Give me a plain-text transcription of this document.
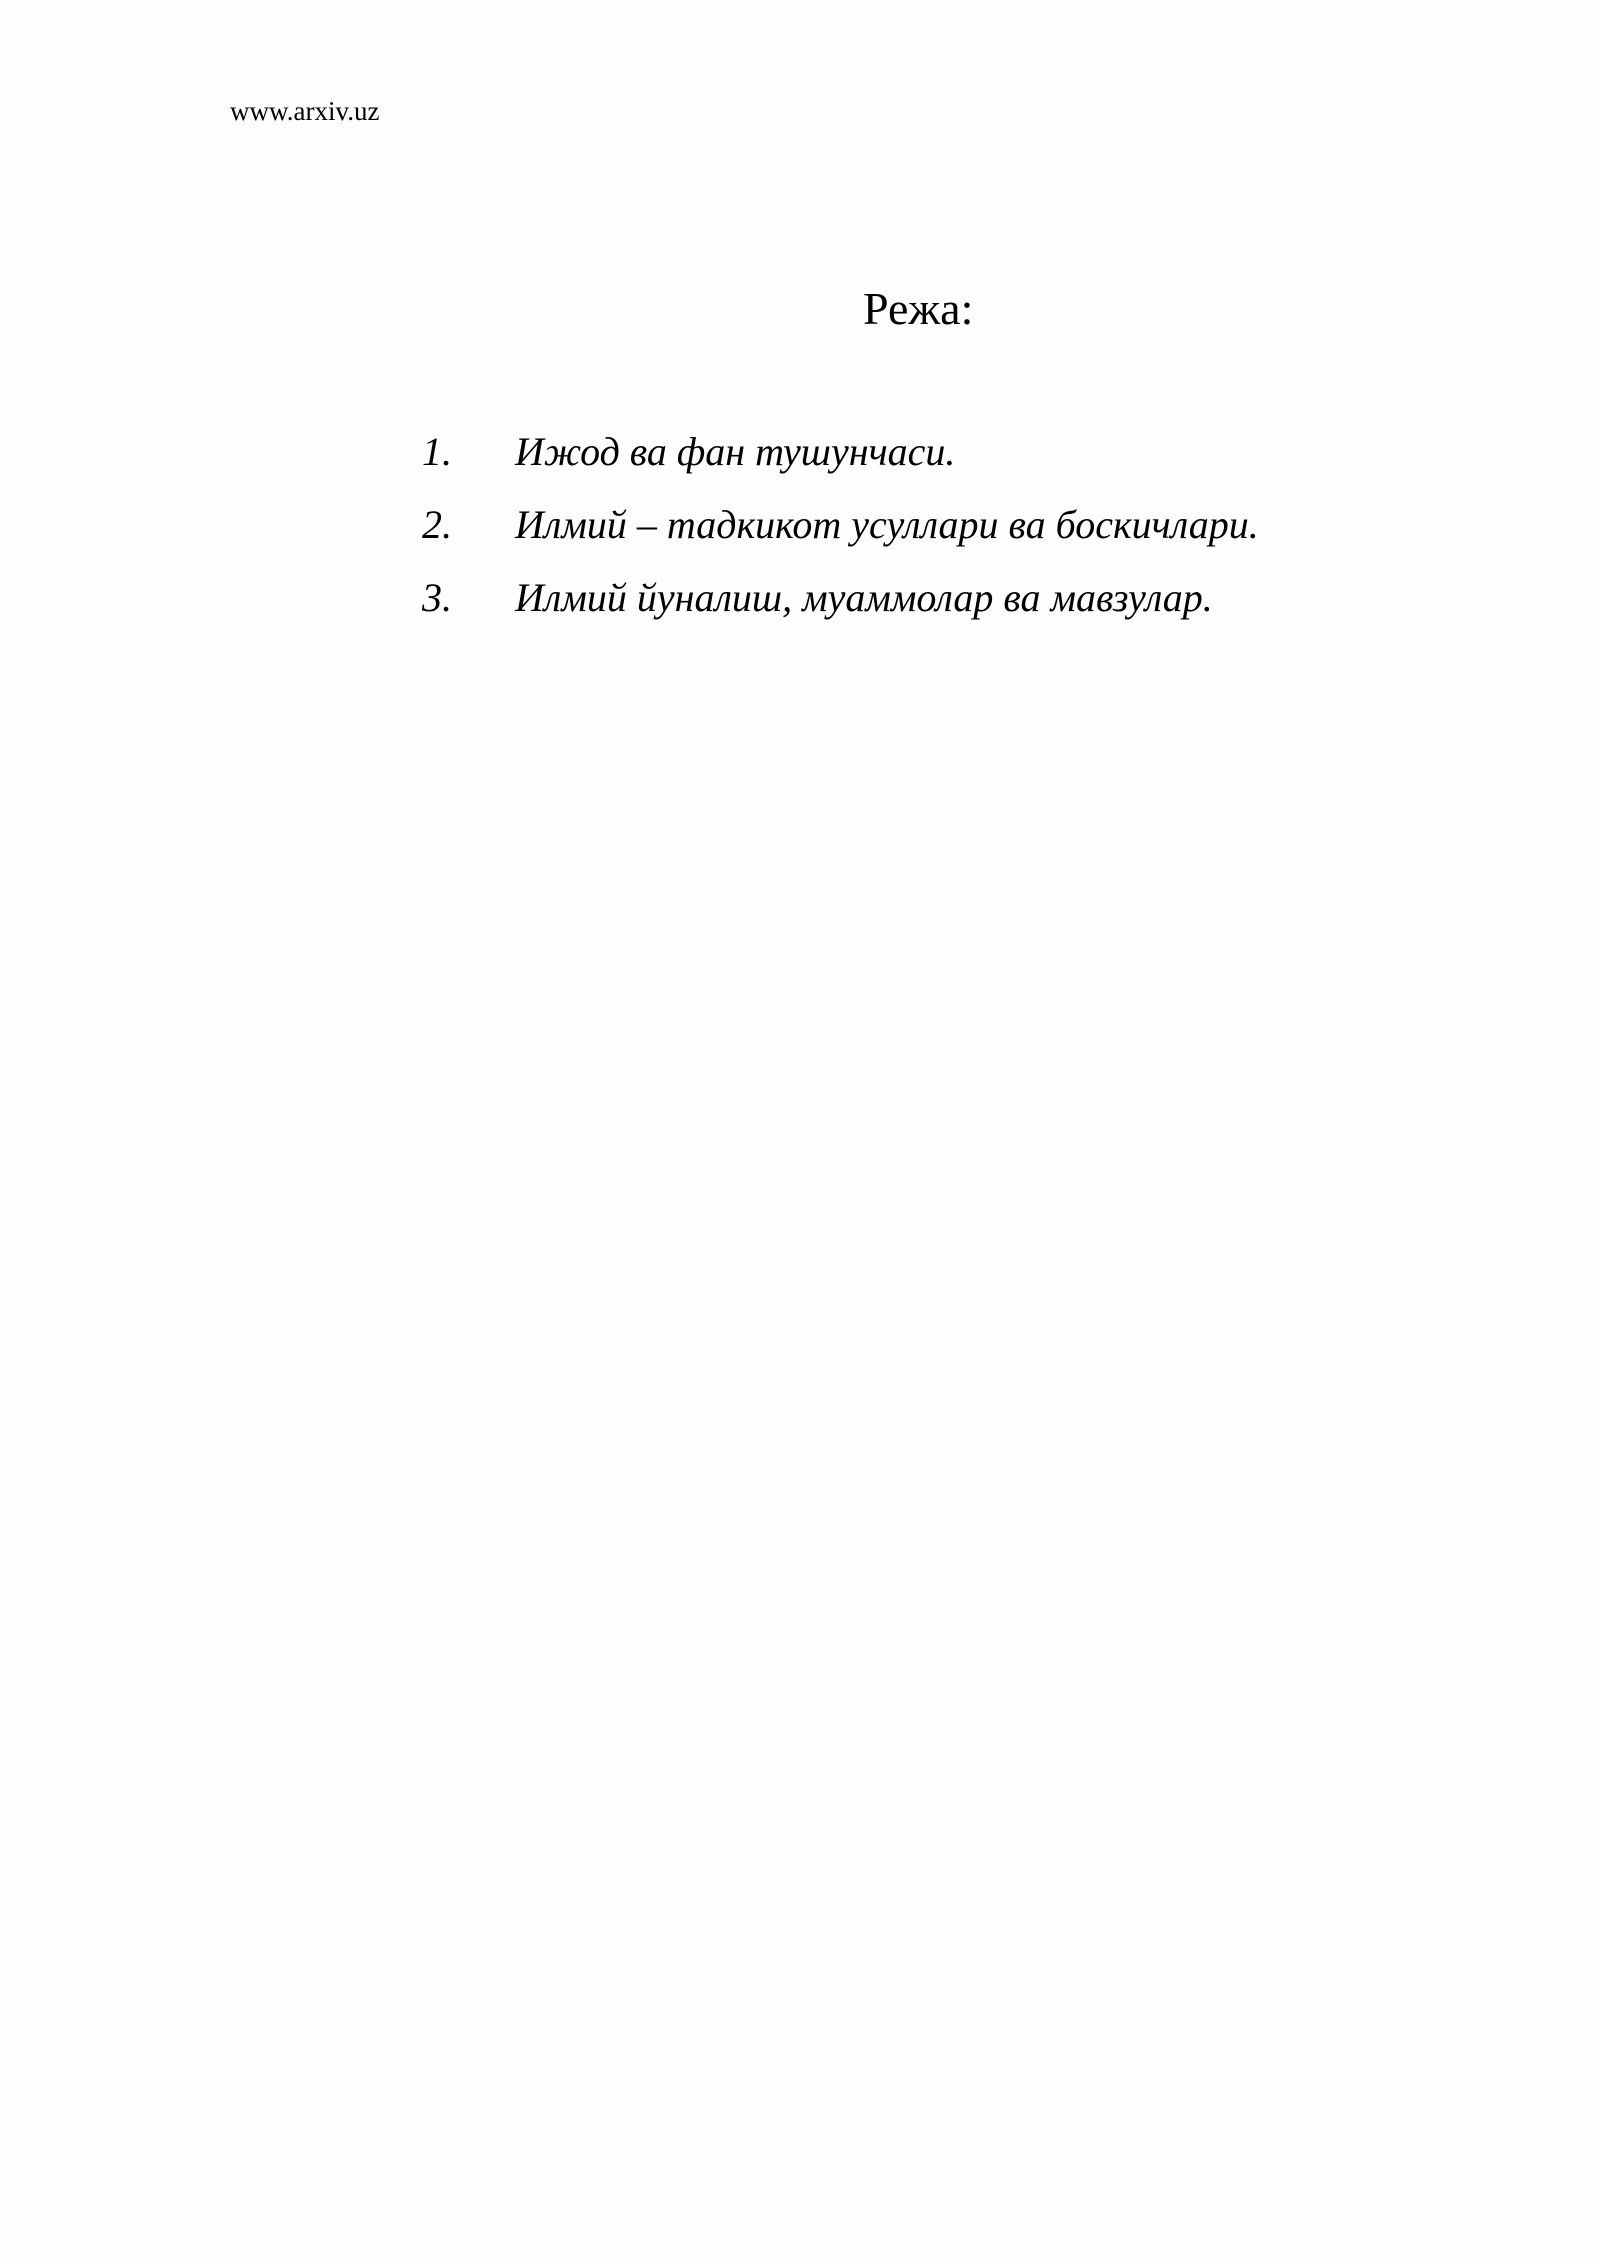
www.arxiv.uz
Режа:
1.	Ижод ва фан тушунчаси.
2.	Илмий – тадкикот усуллари ва боскичлари.
3.	Илмий йуналиш, муаммолар ва мавзулар.
